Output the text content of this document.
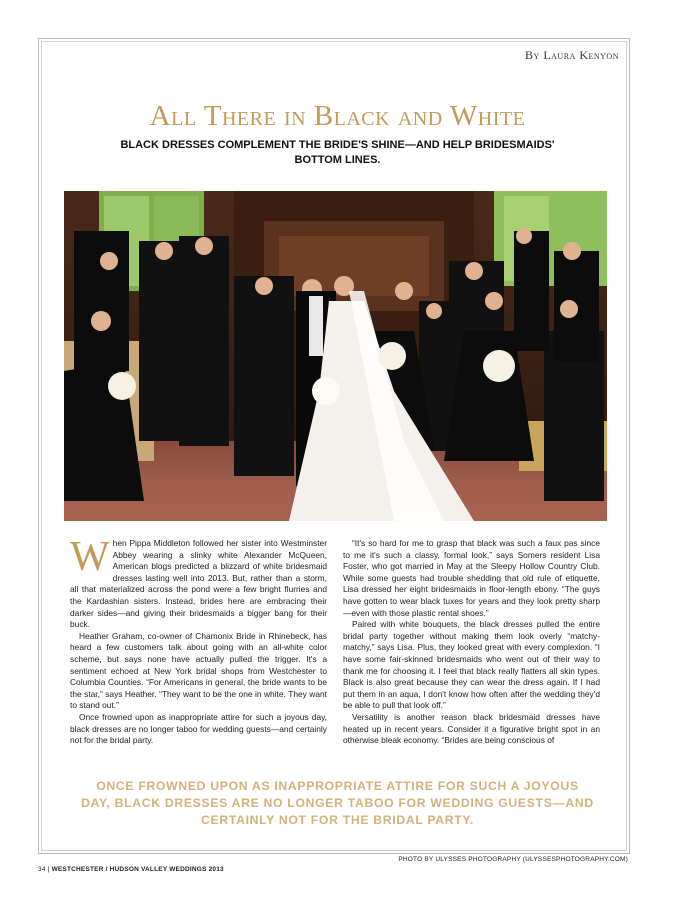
By Laura Kenyon
All There in Black and White
BLACK DRESSES COMPLEMENT THE BRIDE'S SHINE—AND HELP BRIDESMAIDS' BOTTOM LINES.
W hen Pippa Middleton followed her sister into Westminster Abbey wearing a slinky white Alexander McQueen, American blogs predicted a blizzard of white bridesmaid dresses lasting well into 2013. But, rather than a storm, all that materialized across the pond were a few bright flurries and the Kardashian sisters. Instead, brides here are embracing their darker sides—and giving their bridesmaids a bigger bang for their buck.

Heather Graham, co-owner of Chamonix Bride in Rhinebeck, has heard a few customers talk about going with an all-white color scheme, but says none have actually pulled the trigger. It's a sentiment echoed at New York bridal shops from Westchester to Columbia Counties. “For Americans in general, the bride wants to be the star,” says Heather. “They want to be the one in white. They want to stand out.”

Once frowned upon as inappropriate attire for such a joyous day, black dresses are no longer taboo for wedding guests—and certainly not for the bridal party.

“It's so hard for me to grasp that black was such a faux pas since to me it's such a classy, formal look,” says Somers resident Lisa Foster, who got married in May at the Sleepy Hollow Country Club. While some guests had trouble shedding that old rule of etiquette, Lisa dressed her eight bridesmaids in floor-length ebony. “The guys have gotten to wear black tuxes for years and they look pretty sharp—even with those plastic rental shoes.”

Paired with white bouquets, the black dresses pulled the entire bridal party together without making them look overly “matchy-matchy,” says Lisa. Plus, they looked great with every complexion. “I have some fair-skinned bridesmaids who went out of their way to thank me for choosing it. I feel that black really flatters all skin types. Black is also great because they can wear the dress again. If I had put them in an aqua, I don't know how often after the wedding they'd be able to pull that look off.”

Versatility is another reason black bridesmaid dresses have heated up in recent years. Consider it a figurative bright spot in an otherwise bleak economy. “Brides are being conscious of

ONCE FROWNED UPON AS INAPPROPRIATE ATTIRE FOR SUCH A JOYOUS DAY, BLACK DRESSES ARE NO LONGER TABOO FOR WEDDING GUESTS—AND CERTAINLY NOT FOR THE BRIDAL PARTY.
PHOTO BY ULYSSES PHOTOGRAPHY (ULYSSESPHOTOGRAPHY.COM)
34 | WESTCHESTER / HUDSON VALLEY WEDDINGS 2013
